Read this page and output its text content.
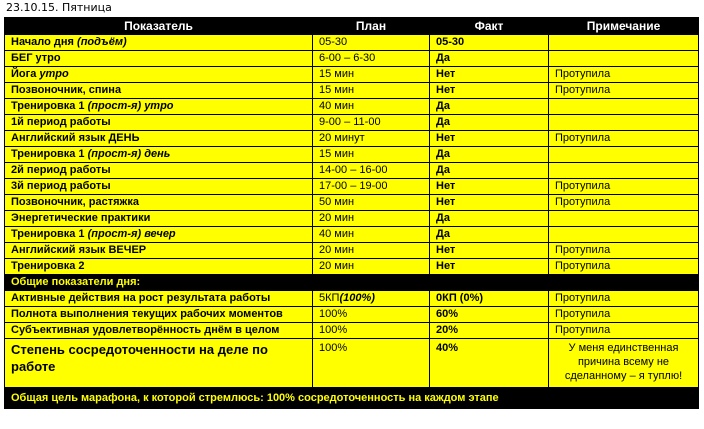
23.10.15. Пятница
Показатель	План	Факт	Примечание
Начало дня (подъём)	05-30	05-30	
БЕГ утро	6-00 – 6-30	Да	
Йога утро	15 мин	Нет	Протупила
Позвоночник, спина	15 мин	Нет	Протупила
Тренировка 1 (прост-я) утро	40 мин	Да	
1й период работы	9-00 – 11-00	Да	
Английский язык ДЕНЬ	20 минут	Нет	Протупила
Тренировка 1 (прост-я) день	15 мин	Да	
2й период работы	14-00 – 16-00	Да	
3й период работы	17-00 – 19-00	Нет	Протупила
Позвоночник, растяжка	50 мин	Нет	Протупила
Энергетические практики	20 мин	Да	
Тренировка 1 (прост-я) вечер	40 мин	Да	
Английский язык ВЕЧЕР	20 мин	Нет	Протупила
Тренировка 2	20 мин	Нет	Протупила
Общие показатели дня:			
Активные действия на рост результата работы	5КП(100%)	0КП (0%)	Протупила
Полнота выполнения текущих рабочих моментов	100%	60%	Протупила
Субъективная удовлетворённость днём в целом	100%	20%	Протупила
Степень сосредоточенности на деле по работе	100%	40%	У меня единственная причина всему не сделанному – я туплю!
Общая цель марафона, к которой стремлюсь: 100% сосредоточенность на каждом этапе			
